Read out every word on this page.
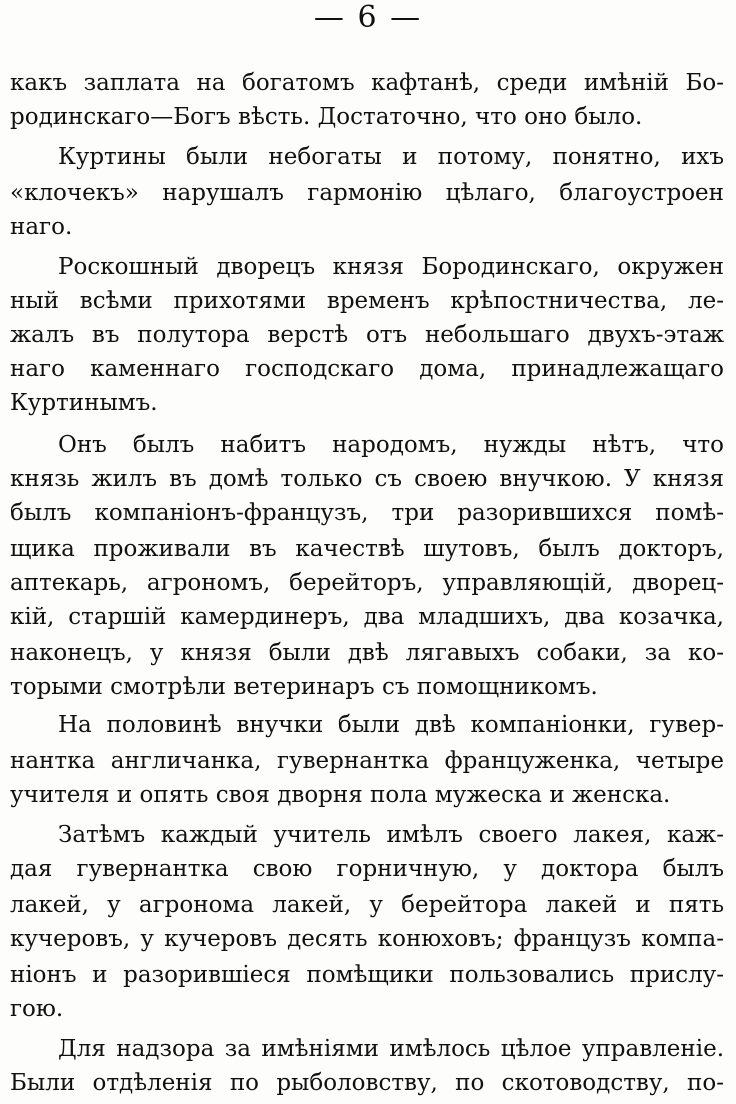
— 6 —
какъ заплата на богатомъ кафтанѣ, среди имѣній Бо-
родинскаго—Богъ вѣсть. Достаточно, что оно было.
Куртины были небогаты и потому, понятно, ихъ
«клочекъ» нарушалъ гармонію цѣлаго, благоустроен
наго.
Роскошный дворецъ князя Бородинскаго, окружен
ный всѣми прихотями временъ крѣпостничества, ле-
жалъ въ полутора верстѣ отъ небольшаго двухъ-этаж
наго каменнаго господскаго дома, принадлежащаго
Куртинымъ.
Онъ былъ набитъ народомъ, нужды нѣтъ, что
князь жилъ въ домѣ только съ своею внучкою. У князя
былъ компаніонъ-французъ, три разорившихся помѣ-
щика проживали въ качествѣ шутовъ, былъ докторъ,
аптекарь, агрономъ, берейторъ, управляющій, дворец-
кій, старшій камердинеръ, два младшихъ, два козачка,
наконецъ, у князя были двѣ лягавыхъ собаки, за ко-
торыми смотрѣли ветеринаръ съ помощникомъ.
На половинѣ внучки были двѣ компаніонки, гувер-
нантка англичанка, гувернантка француженка, четыре
учителя и опять своя дворня пола мужеска и женска.
Затѣмъ каждый учитель имѣлъ своего лакея, каж-
дая гувернантка свою горничную, у доктора былъ
лакей, у агронома лакей, у берейтора лакей и пять
кучеровъ, у кучеровъ десять конюховъ; французъ компа-
ніонъ и разорившіеся помѣщики пользовались прислу-
гою.
Для надзора за имѣніями имѣлось цѣлое управленіе.
Были отдѣленія по рыболовству, по скотоводству, по-
